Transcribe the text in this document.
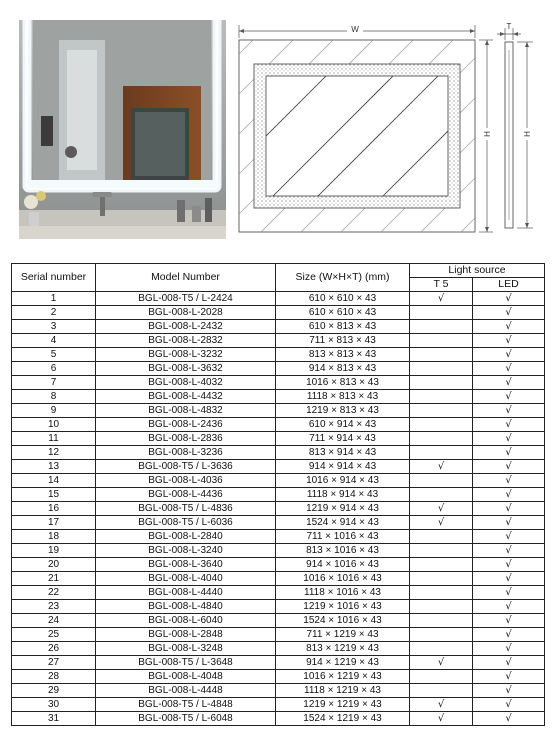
W
H
T
H
Serial number	Model Number	Size (W×H×T) (mm)	Light source	
			T 5	LED
1	BGL-008-T5 / L-2424	610 × 610 × 43	√	√
2	BGL-008-L-2028	610 × 610 × 43		√
3	BGL-008-L-2432	610 × 813 × 43		√
4	BGL-008-L-2832	711 × 813 × 43		√
5	BGL-008-L-3232	813 × 813 × 43		√
6	BGL-008-L-3632	914 × 813 × 43		√
7	BGL-008-L-4032	1016 × 813 × 43		√
8	BGL-008-L-4432	1118 × 813 × 43		√
9	BGL-008-L-4832	1219 × 813 × 43		√
10	BGL-008-L-2436	610 × 914 × 43		√
11	BGL-008-L-2836	711 × 914 × 43		√
12	BGL-008-L-3236	813 × 914 × 43		√
13	BGL-008-T5 / L-3636	914 × 914 × 43	√	√
14	BGL-008-L-4036	1016 × 914 × 43		√
15	BGL-008-L-4436	1118 × 914 × 43		√
16	BGL-008-T5 / L-4836	1219 × 914 × 43	√	√
17	BGL-008-T5 / L-6036	1524 × 914 × 43	√	√
18	BGL-008-L-2840	711 × 1016 × 43		√
19	BGL-008-L-3240	813 × 1016 × 43		√
20	BGL-008-L-3640	914 × 1016 × 43		√
21	BGL-008-L-4040	1016 × 1016 × 43		√
22	BGL-008-L-4440	1118 × 1016 × 43		√
23	BGL-008-L-4840	1219 × 1016 × 43		√
24	BGL-008-L-6040	1524 × 1016 × 43		√
25	BGL-008-L-2848	711 × 1219 × 43		√
26	BGL-008-L-3248	813 × 1219 × 43		√
27	BGL-008-T5 / L-3648	914 × 1219 × 43	√	√
28	BGL-008-L-4048	1016 × 1219 × 43		√
29	BGL-008-L-4448	1118 × 1219 × 43		√
30	BGL-008-T5 / L-4848	1219 × 1219 × 43	√	√
31	BGL-008-T5 / L-6048	1524 × 1219 × 43	√	√
